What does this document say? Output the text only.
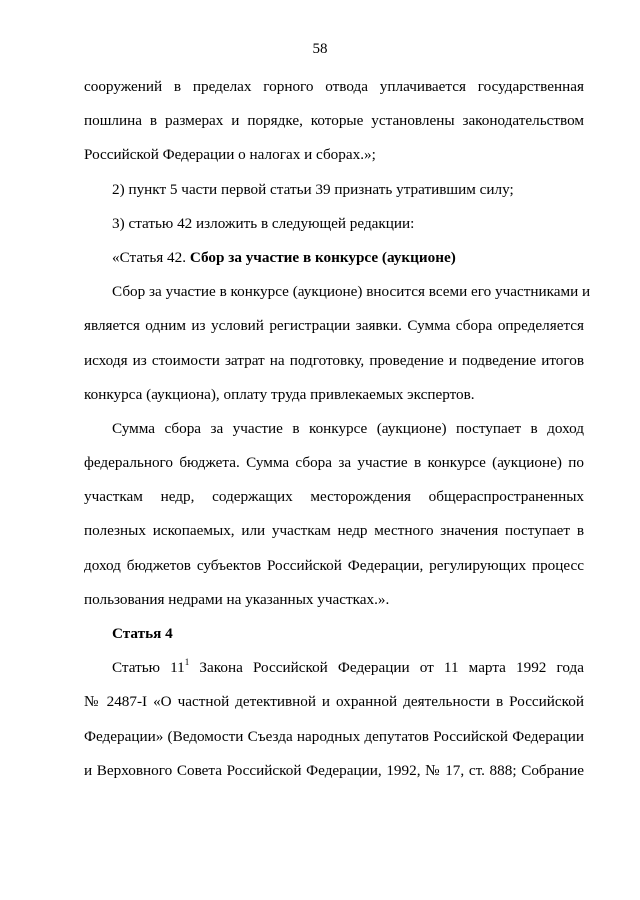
58
сооружений в пределах горного отвода уплачивается государственная
пошлина в размерах и порядке, которые установлены законодательством
Российской Федерации о налогах и сборах.»;
2) пункт 5 части первой статьи 39 признать утратившим силу;
3) статью 42 изложить в следующей редакции:
«Статья 42. Сбор за участие в конкурсе (аукционе)
Сбор за участие в конкурсе (аукционе) вносится всеми его участниками и
является одним из условий регистрации заявки. Сумма сбора определяется
исходя из стоимости затрат на подготовку, проведение и подведение итогов
конкурса (аукциона), оплату труда привлекаемых экспертов.
Сумма сбора за участие в конкурсе (аукционе) поступает в доход
федерального бюджета. Сумма сбора за участие в конкурсе (аукционе) по
участкам недр, содержащих месторождения общераспространенных
полезных ископаемых, или участкам недр местного значения поступает в
доход бюджетов субъектов Российской Федерации, регулирующих процесс
пользования недрами на указанных участках.».
Статья 4
Статью $11^1$ Закона Российской Федерации от 11 марта 1992 года
№ 2487-I «О частной детективной и охранной деятельности в Российской
Федерации» (Ведомости Съезда народных депутатов Российской Федерации
и Верховного Совета Российской Федерации, 1992, № 17, ст. 888; Собрание
